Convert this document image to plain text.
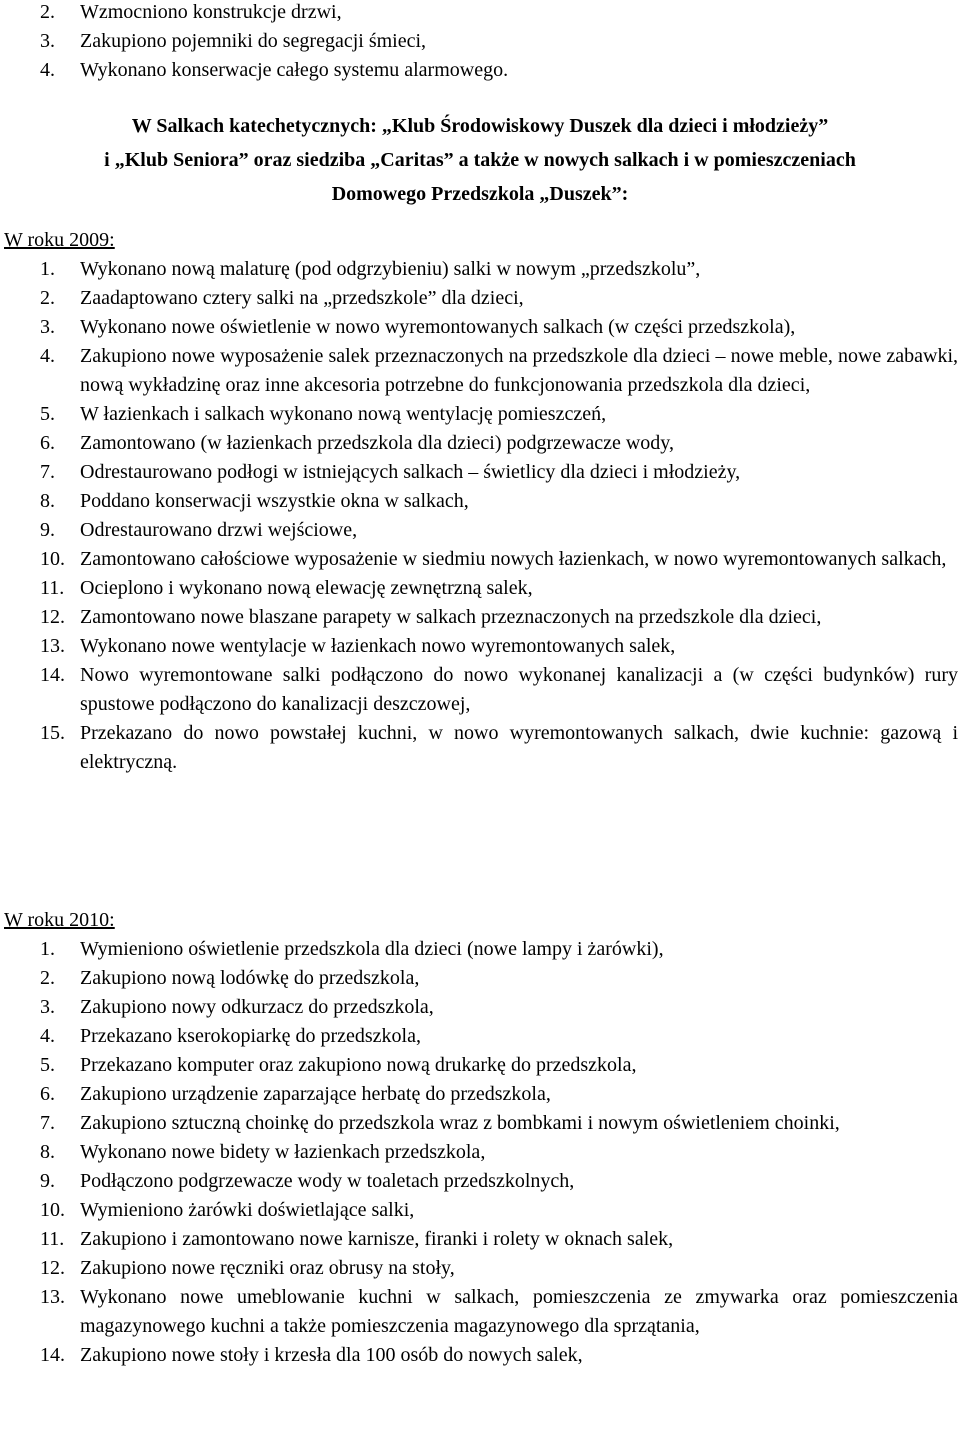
2. Wzmocniono konstrukcje drzwi,
3. Zakupiono pojemniki do segregacji śmieci,
4. Wykonano konserwacje całego systemu alarmowego.
W Salkach katechetycznych: „Klub Środowiskowy Duszek dla dzieci i młodzieży”
i „Klub Seniora” oraz siedziba „Caritas” a także w nowych salkach i w pomieszczeniach
Domowego Przedszkola „Duszek”:
W roku 2009:
1. Wykonano nową malaturę (pod odgrzybieniu) salki w nowym „przedszkolu”,
2. Zaadaptowano cztery salki na „przedszkole” dla dzieci,
3. Wykonano nowe oświetlenie w nowo wyremontowanych salkach (w części przedszkola),
4. Zakupiono nowe wyposażenie salek przeznaczonych na przedszkole dla dzieci – nowe meble, nowe zabawki, nową wykładzinę oraz inne akcesoria potrzebne do funkcjonowania przedszkola dla dzieci,
5. W łazienkach i salkach wykonano nową wentylację pomieszczeń,
6. Zamontowano (w łazienkach przedszkola dla dzieci) podgrzewacze wody,
7. Odrestaurowano podłogi w istniejących salkach – świetlicy dla dzieci i młodzieży,
8. Poddano konserwacji wszystkie okna w salkach,
9. Odrestaurowano drzwi wejściowe,
10. Zamontowano całościowe wyposażenie w siedmiu nowych łazienkach, w nowo wyremontowanych salkach,
11. Ocieplono i wykonano nową elewację zewnętrzną salek,
12. Zamontowano nowe blaszane parapety w salkach przeznaczonych na przedszkole dla dzieci,
13. Wykonano nowe wentylacje w łazienkach nowo wyremontowanych salek,
14. Nowo wyremontowane salki podłączono do nowo wykonanej kanalizacji a (w części budynków) rury spustowe podłączono do kanalizacji deszczowej,
15. Przekazano do nowo powstałej kuchni, w nowo wyremontowanych salkach, dwie kuchnie: gazową i elektryczną.
W roku 2010:
1. Wymieniono oświetlenie przedszkola dla dzieci (nowe lampy i żarówki),
2. Zakupiono nową lodówkę do przedszkola,
3. Zakupiono nowy odkurzacz do przedszkola,
4. Przekazano kserokopiarkę do przedszkola,
5. Przekazano komputer oraz zakupiono nową drukarkę do przedszkola,
6. Zakupiono urządzenie zaparzające herbatę do przedszkola,
7. Zakupiono sztuczną choinkę do przedszkola wraz z bombkami i nowym oświetleniem choinki,
8. Wykonano nowe bidety w łazienkach przedszkola,
9. Podłączono podgrzewacze wody w toaletach przedszkolnych,
10. Wymieniono żarówki doświetlające salki,
11. Zakupiono i zamontowano nowe karnisze, firanki i rolety w oknach salek,
12. Zakupiono nowe ręczniki oraz obrusy na stoły,
13. Wykonano nowe umeblowanie kuchni w salkach, pomieszczenia ze zmywarka oraz pomieszczenia magazynowego kuchni a także pomieszczenia magazynowego dla sprzątania,
14. Zakupiono nowe stoły i krzesła dla 100 osób do nowych salek,
